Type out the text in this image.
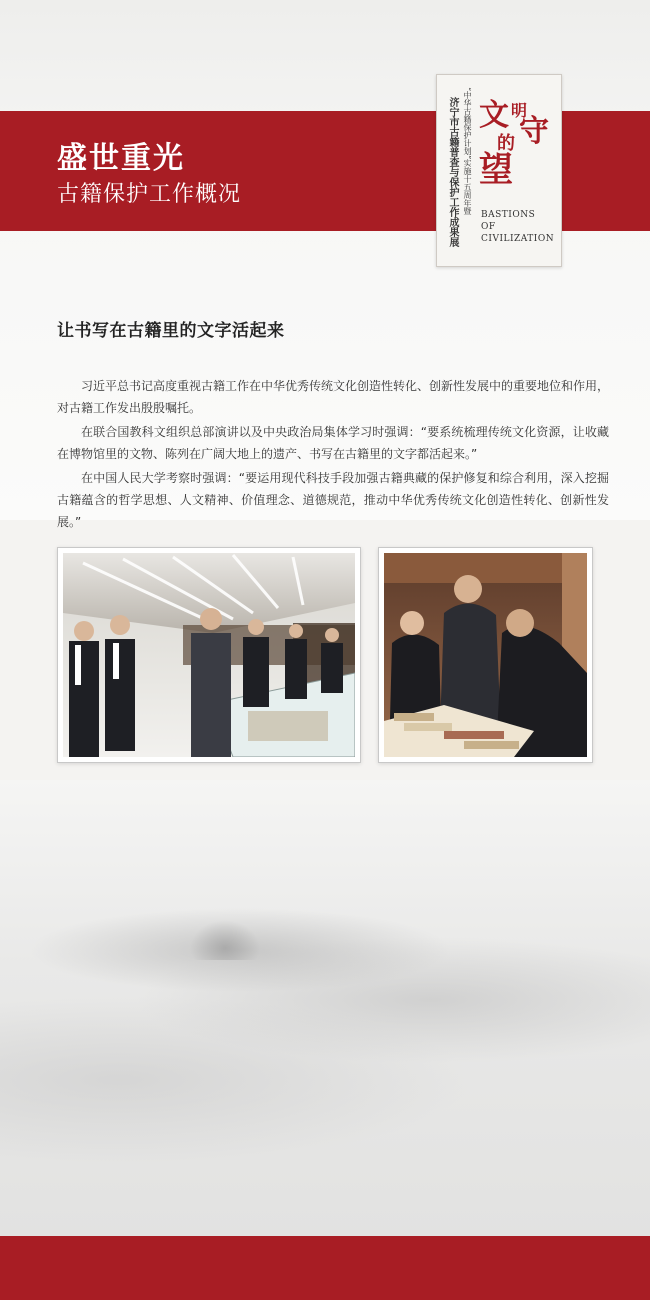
盛世重光
古籍保护工作概况	济宁市古籍普查与保护工作成果展 “中华古籍保护计划”实施十五周年暨 文 明
守
的
望
BASTIONS
OF
CIVILIZATION
让书写在古籍里的文字活起来

习近平总书记高度重视古籍工作在中华优秀传统文化创造性转化、创新性发展中的重要地位和作用，对古籍工作发出殷殷嘱托。

在联合国教科文组织总部演讲以及中央政治局集体学习时强调：“要系统梳理传统文化资源，让收藏在博物馆里的文物、陈列在广阔大地上的遗产、书写在古籍里的文字都活起来。”

在中国人民大学考察时强调：“要运用现代科技手段加强古籍典藏的保护修复和综合利用，深入挖掘古籍蕴含的哲学思想、人文精神、价值理念、道德规范，推动中华优秀传统文化创造性转化、创新性发展。”
